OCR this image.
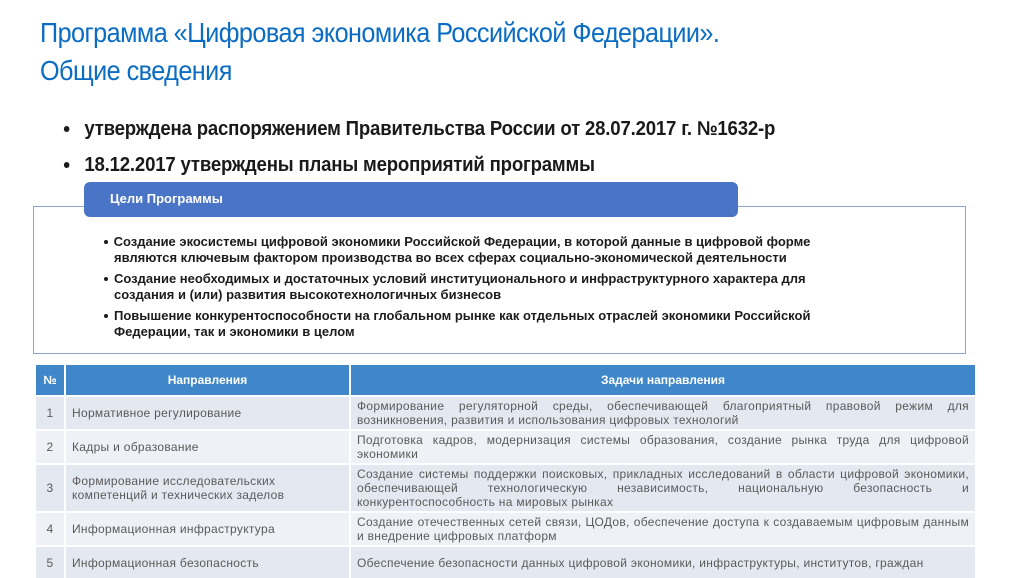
Программа «Цифровая экономика Российской Федерации».
Общие сведения
утверждена распоряжением Правительства России от 28.07.2017 г. №1632-р
18.12.2017 утверждены планы мероприятий программы
Цели Программы
Создание экосистемы цифровой экономики Российской Федерации, в которой данные в цифровой форме
являются ключевым фактором производства во всех сферах социально-экономической деятельности
Создание необходимых и достаточных условий институционального и инфраструктурного характера для
создания и (или) развития высокотехнологичных бизнесов
Повышение конкурентоспособности на глобальном рынке как отдельных отраслей экономики Российской
Федерации, так и экономики в целом
№	Направления	Задачи направления
1	Нормативное регулирование	Формирование регуляторной среды, обеспечивающей благоприятный правовой режим для возникновения, развития и использования цифровых технологий
2	Кадры и образование	Подготовка кадров, модернизация системы образования, создание рынка труда для цифровой экономики
3	Формирование исследовательских компетенций и технических заделов	Создание системы поддержки поисковых, прикладных исследований в области цифровой экономики, обеспечивающей технологическую независимость, национальную безопасность и конкурентоспособность на мировых рынках
4	Информационная инфраструктура	Создание отечественных сетей связи, ЦОДов, обеспечение доступа к создаваемым цифровым данным и внедрение цифровых платформ
5	Информационная безопасность	Обеспечение безопасности данных цифровой экономики, инфраструктуры, институтов, граждан
